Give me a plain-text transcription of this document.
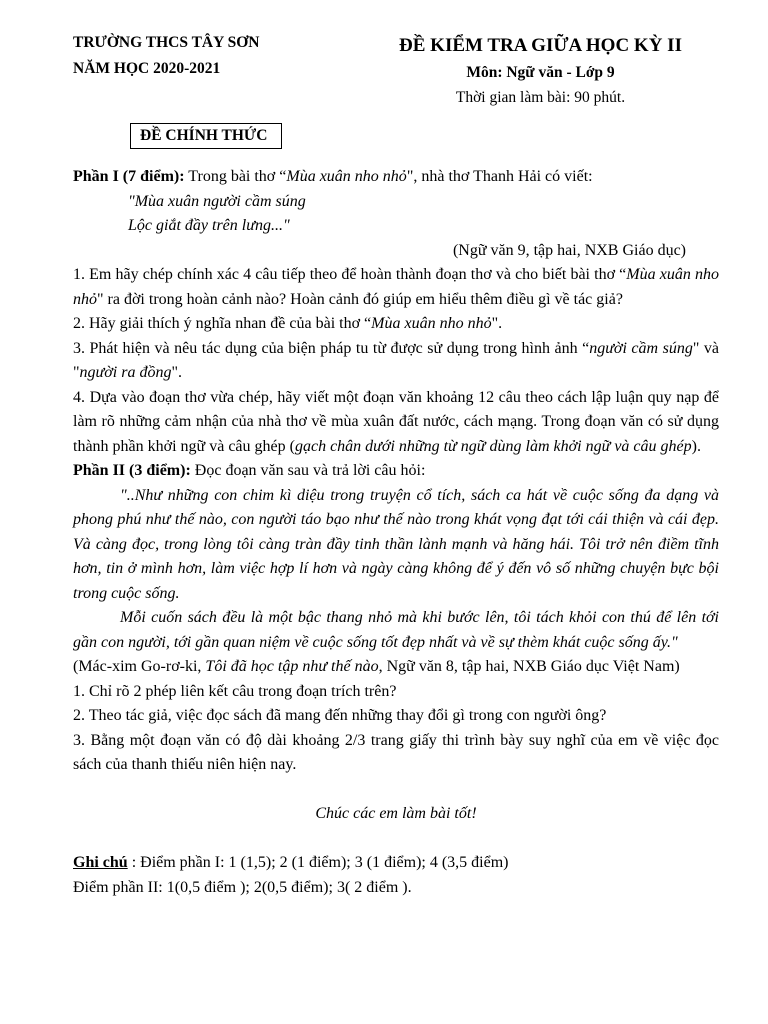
TRƯỜNG THCS TÂY SƠN
NĂM HỌC 2020-2021
ĐỀ KIỂM TRA GIỮA HỌC KỲ II
Môn: Ngữ văn - Lớp 9
Thời gian làm bài: 90 phút.
ĐỀ CHÍNH THỨC

Phần I (7 điểm): Trong bài thơ “Mùa xuân nho nhỏ", nhà thơ Thanh Hải có viết:

"Mùa xuân người cầm súng

Lộc giắt đầy trên lưng..."

(Ngữ văn 9, tập hai, NXB Giáo dục)

1. Em hãy chép chính xác 4 câu tiếp theo để hoàn thành đoạn thơ và cho biết bài thơ “Mùa xuân nho nhỏ" ra đời trong hoàn cảnh nào? Hoàn cảnh đó giúp em hiểu thêm điều gì về tác giả?

2. Hãy giải thích ý nghĩa nhan đề của bài thơ “Mùa xuân nho nhỏ".

3. Phát hiện và nêu tác dụng của biện pháp tu từ được sử dụng trong hình ảnh “người cầm súng" và "người ra đồng".

4. Dựa vào đoạn thơ vừa chép, hãy viết một đoạn văn khoảng 12 câu theo cách lập luận quy nạp để làm rõ những cảm nhận của nhà thơ về mùa xuân đất nước, cách mạng. Trong đoạn văn có sử dụng thành phần khởi ngữ và câu ghép (gạch chân dưới những từ ngữ dùng làm khởi ngữ và câu ghép).

Phần II (3 điểm): Đọc đoạn văn sau và trả lời câu hỏi:

"..Như những con chim kì diệu trong truyện cổ tích, sách ca hát về cuộc sống đa dạng và phong phú như thế nào, con người táo bạo như thế nào trong khát vọng đạt tới cái thiện và cái đẹp. Và càng đọc, trong lòng tôi càng tràn đầy tinh thần lành mạnh và hăng hái. Tôi trở nên điềm tĩnh hơn, tin ở mình hơn, làm việc hợp lí hơn và ngày càng không để ý đến vô số những chuyện bực bội trong cuộc sống.

Mỗi cuốn sách đều là một bậc thang nhỏ mà khi bước lên, tôi tách khỏi con thú để lên tới gần con người, tới gần quan niệm về cuộc sống tốt đẹp nhất và về sự thèm khát cuộc sống ấy."

(Mác-xim Go-rơ-ki, Tôi đã học tập như thế nào, Ngữ văn 8, tập hai, NXB Giáo dục Việt Nam)

1. Chỉ rõ 2 phép liên kết câu trong đoạn trích trên?

2. Theo tác giả, việc đọc sách đã mang đến những thay đổi gì trong con người ông?

3. Bằng một đoạn văn có độ dài khoảng 2/3 trang giấy thi trình bày suy nghĩ của em về việc đọc sách của thanh thiếu niên hiện nay.

Chúc các em làm bài tốt!

Ghi chú : Điểm phần I: 1 (1,5); 2 (1 điểm); 3 (1 điểm); 4 (3,5 điểm)

Điểm phần II: 1(0,5 điểm ); 2(0,5 điểm); 3( 2 điểm ).
